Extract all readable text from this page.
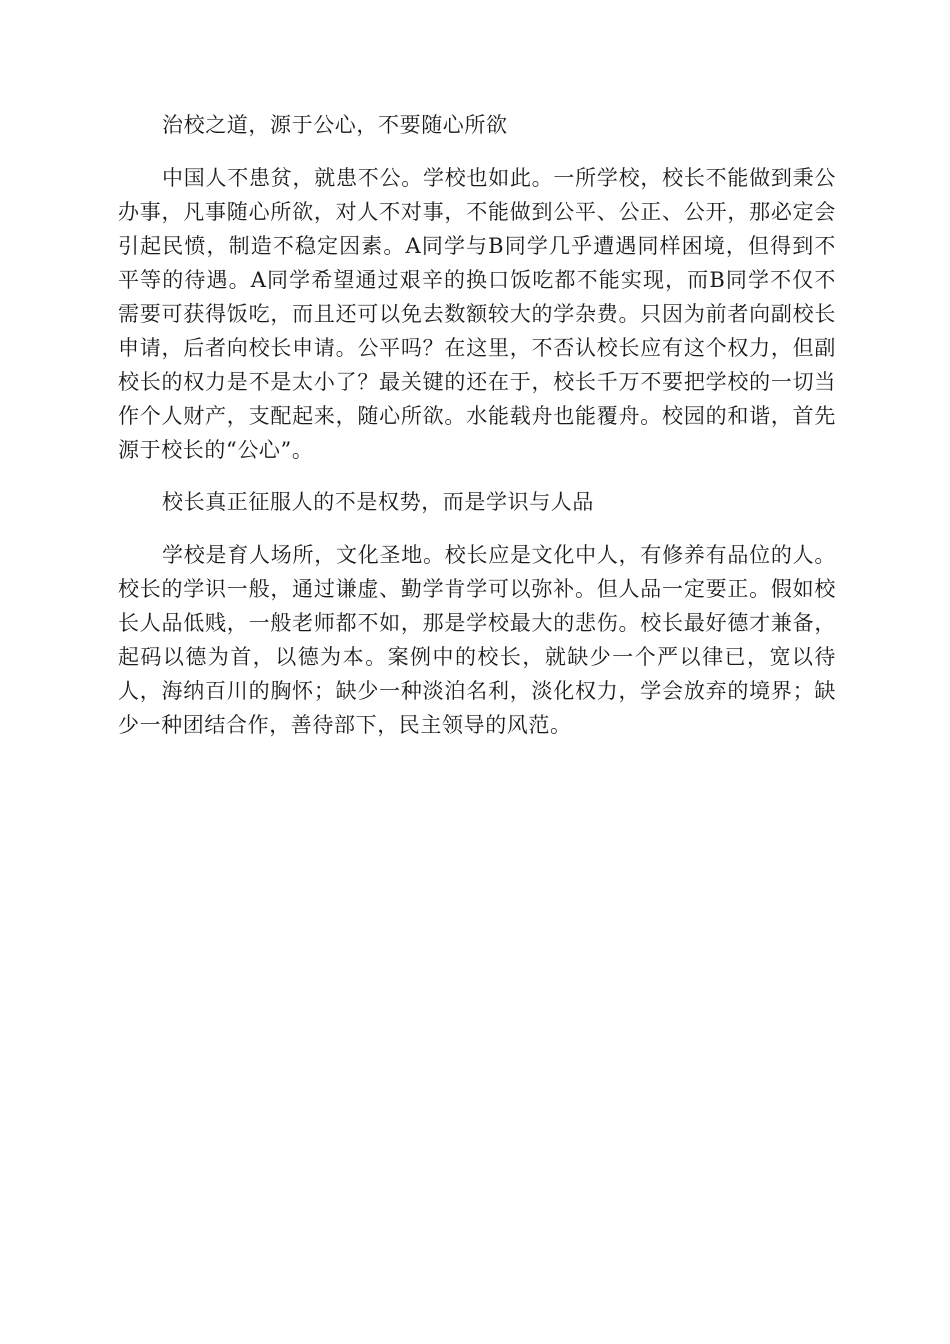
治校之道，源于公心，不要随心所欲

中国人不患贫，就患不公。学校也如此。一所学校，校长不能做到秉公办事，凡事随心所欲，对人不对事，不能做到公平、公正、公开，那必定会引起民愤，制造不稳定因素。A同学与B同学几乎遭遇同样困境，但得到不平等的待遇。A同学希望通过艰辛的换口饭吃都不能实现，而B同学不仅不需要可获得饭吃，而且还可以免去数额较大的学杂费。只因为前者向副校长申请，后者向校长申请。公平吗？在这里，不否认校长应有这个权力，但副校长的权力是不是太小了？最关键的还在于，校长千万不要把学校的一切当作个人财产，支配起来，随心所欲。水能载舟也能覆舟。校园的和谐，首先源于校长的“公心”。

校长真正征服人的不是权势，而是学识与人品

学校是育人场所，文化圣地。校长应是文化中人，有修养有品位的人。校长的学识一般，通过谦虚、勤学肯学可以弥补。但人品一定要正。假如校长人品低贱，一般老师都不如，那是学校最大的悲伤。校长最好德才兼备，起码以德为首，以德为本。案例中的校长，就缺少一个严以律已，宽以待人，海纳百川的胸怀；缺少一种淡泊名利，淡化权力，学会放弃的境界；缺少一种团结合作，善待部下，民主领导的风范。
